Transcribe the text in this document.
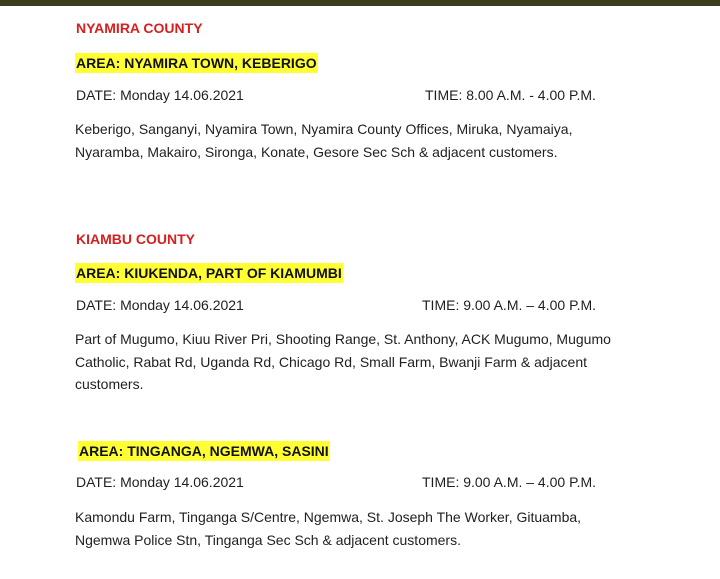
NYAMIRA COUNTY
AREA: NYAMIRA TOWN, KEBERIGO
DATE: Monday 14.06.2021	TIME: 8.00 A.M. - 4.00 P.M.
Keberigo, Sanganyi, Nyamira Town, Nyamira County Offices, Miruka, Nyamaiya, Nyaramba, Makairo, Sironga, Konate, Gesore Sec Sch & adjacent customers.
KIAMBU COUNTY
AREA: KIUKENDA, PART OF KIAMUMBI
DATE: Monday 14.06.2021	TIME: 9.00 A.M. – 4.00 P.M.
Part of Mugumo, Kiuu River Pri, Shooting Range, St. Anthony, ACK Mugumo, Mugumo Catholic, Rabat Rd, Uganda Rd, Chicago Rd, Small Farm, Bwanji Farm & adjacent customers.
AREA: TINGANGA, NGEMWA, SASINI
DATE: Monday 14.06.2021	TIME: 9.00 A.M. – 4.00 P.M.
Kamondu Farm, Tinganga S/Centre, Ngemwa, St. Joseph The Worker, Gituamba, Ngemwa Police Stn, Tinganga Sec Sch & adjacent customers.
